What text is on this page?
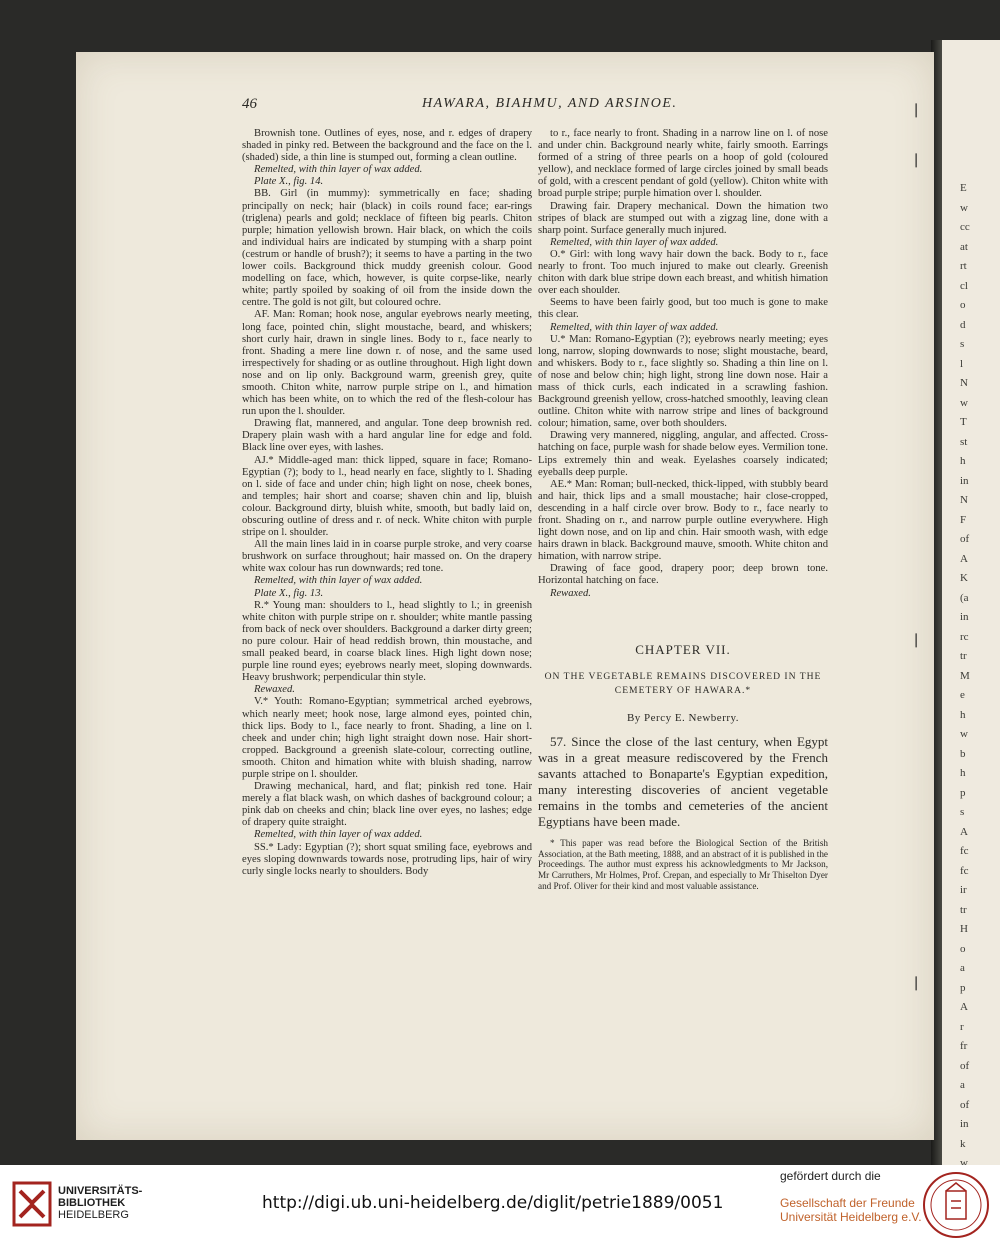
E
w
cc
at
rt
cl
o
d
s
l
N
w
T
st
h
in
N
F
of
A
K
(a
in
rc
tr
M
e
h
w
b
h
p
s
A
fc
fc
ir
tr
H
o
a
p
A
r
fr
of
a
of
in
k
w
46	HAWARA, BIAHMU, AND ARSINOE.	❘
❘
❘
❘

Brownish tone. Outlines of eyes, nose, and r. edges of drapery shaded in pinky red. Between the background and the face on the l. (shaded) side, a thin line is stumped out, forming a clean outline.

Remelted, with thin layer of wax added.

Plate X., fig. 14.

BB. Girl (in mummy): symmetrically en face; shading principally on neck; hair (black) in coils round face; ear-rings (triglena) pearls and gold; necklace of fifteen big pearls. Chiton purple; himation yellowish brown. Hair black, on which the coils and individual hairs are indicated by stumping with a sharp point (cestrum or handle of brush?); it seems to have a parting in the two lower coils. Background thick muddy greenish colour. Good modelling on face, which, however, is quite corpse-like, nearly white; partly spoiled by soaking of oil from the inside down the centre. The gold is not gilt, but coloured ochre.

AF. Man: Roman; hook nose, angular eyebrows nearly meeting, long face, pointed chin, slight moustache, beard, and whiskers; short curly hair, drawn in single lines. Body to r., face nearly to front. Shading a mere line down r. of nose, and the same used irrespectively for shading or as outline throughout. High light down nose and on lip only. Background warm, greenish grey, quite smooth. Chiton white, narrow purple stripe on l., and himation which has been white, on to which the red of the flesh-colour has run upon the l. shoulder.

Drawing flat, mannered, and angular. Tone deep brownish red. Drapery plain wash with a hard angular line for edge and fold. Black line over eyes, with lashes.

AJ.* Middle-aged man: thick lipped, square in face; Romano-Egyptian (?); body to l., head nearly en face, slightly to l. Shading on l. side of face and under chin; high light on nose, cheek bones, and temples; hair short and coarse; shaven chin and lip, bluish colour. Background dirty, bluish white, smooth, but badly laid on, obscuring outline of dress and r. of neck. White chiton with purple stripe on l. shoulder.

All the main lines laid in in coarse purple stroke, and very coarse brushwork on surface throughout; hair massed on. On the drapery white wax colour has run downwards; red tone.

Remelted, with thin layer of wax added.

Plate X., fig. 13.

R.* Young man: shoulders to l., head slightly to l.; in greenish white chiton with purple stripe on r. shoulder; white mantle passing from back of neck over shoulders. Background a darker dirty green; no pure colour. Hair of head reddish brown, thin moustache, and small peaked beard, in coarse black lines. High light down nose; purple line round eyes; eyebrows nearly meet, sloping downwards. Heavy brushwork; perpendicular thin style.

Rewaxed.

V.* Youth: Romano-Egyptian; symmetrical arched eyebrows, which nearly meet; hook nose, large almond eyes, pointed chin, thick lips. Body to l., face nearly to front. Shading, a line on l. cheek and under chin; high light straight down nose. Hair short-cropped. Background a greenish slate-colour, correcting outline, smooth. Chiton and himation white with bluish shading, narrow purple stripe on l. shoulder.

Drawing mechanical, hard, and flat; pinkish red tone. Hair merely a flat black wash, on which dashes of background colour; a pink dab on cheeks and chin; black line over eyes, no lashes; edge of drapery quite straight.

Remelted, with thin layer of wax added.

SS.* Lady: Egyptian (?); short squat smiling face, eyebrows and eyes sloping downwards towards nose, protruding lips, hair of wiry curly single locks nearly to shoulders. Body

to r., face nearly to front. Shading in a narrow line on l. of nose and under chin. Background nearly white, fairly smooth. Earrings formed of a string of three pearls on a hoop of gold (coloured yellow), and necklace formed of large circles joined by small beads of gold, with a crescent pendant of gold (yellow). Chiton white with broad purple stripe; purple himation over l. shoulder.

Drawing fair. Drapery mechanical. Down the himation two stripes of black are stumped out with a zigzag line, done with a sharp point. Surface generally much injured.

Remelted, with thin layer of wax added.

O.* Girl: with long wavy hair down the back. Body to r., face nearly to front. Too much injured to make out clearly. Greenish chiton with dark blue stripe down each breast, and whitish himation over each shoulder.

Seems to have been fairly good, but too much is gone to make this clear.

Remelted, with thin layer of wax added.

U.* Man: Romano-Egyptian (?); eyebrows nearly meeting; eyes long, narrow, sloping downwards to nose; slight moustache, beard, and whiskers. Body to r., face slightly so. Shading a thin line on l. of nose and below chin; high light, strong line down nose. Hair a mass of thick curls, each indicated in a scrawling fashion. Background greenish yellow, cross-hatched smoothly, leaving clean outline. Chiton white with narrow stripe and lines of background colour; himation, same, over both shoulders.

Drawing very mannered, niggling, angular, and affected. Cross-hatching on face, purple wash for shade below eyes. Vermilion tone. Lips extremely thin and weak. Eyelashes coarsely indicated; eyeballs deep purple.

AE.* Man: Roman; bull-necked, thick-lipped, with stubbly beard and hair, thick lips and a small moustache; hair close-cropped, descending in a half circle over brow. Body to r., face nearly to front. Shading on r., and narrow purple outline everywhere. High light down nose, and on lip and chin. Hair smooth wash, with edge hairs drawn in black. Background mauve, smooth. White chiton and himation, with narrow stripe.

Drawing of face good, drapery poor; deep brown tone. Horizontal hatching on face.

Rewaxed.

CHAPTER VII.

ON THE VEGETABLE REMAINS DISCOVERED IN THE CEMETERY OF HAWARA.*

By Percy E. Newberry.

57. Since the close of the last century, when Egypt was in a great measure rediscovered by the French savants attached to Bonaparte's Egyptian expedition, many interesting discoveries of ancient vegetable remains in the tombs and cemeteries of the ancient Egyptians have been made.

* This paper was read before the Biological Section of the British Association, at the Bath meeting, 1888, and an abstract of it is published in the Proceedings. The author must express his acknowledgments to Mr Jackson, Mr Carruthers, Mr Holmes, Prof. Crepan, and especially to Mr Thiselton Dyer and Prof. Oliver for their kind and most valuable assistance.

UNIVERSITÄTS-
BIBLIOTHEK
HEIDELBERG
http://digi.ub.uni-heidelberg.de/diglit/petrie1889/0051
gefördert durch die
Gesellschaft der Freunde
Universität Heidelberg e.V.
